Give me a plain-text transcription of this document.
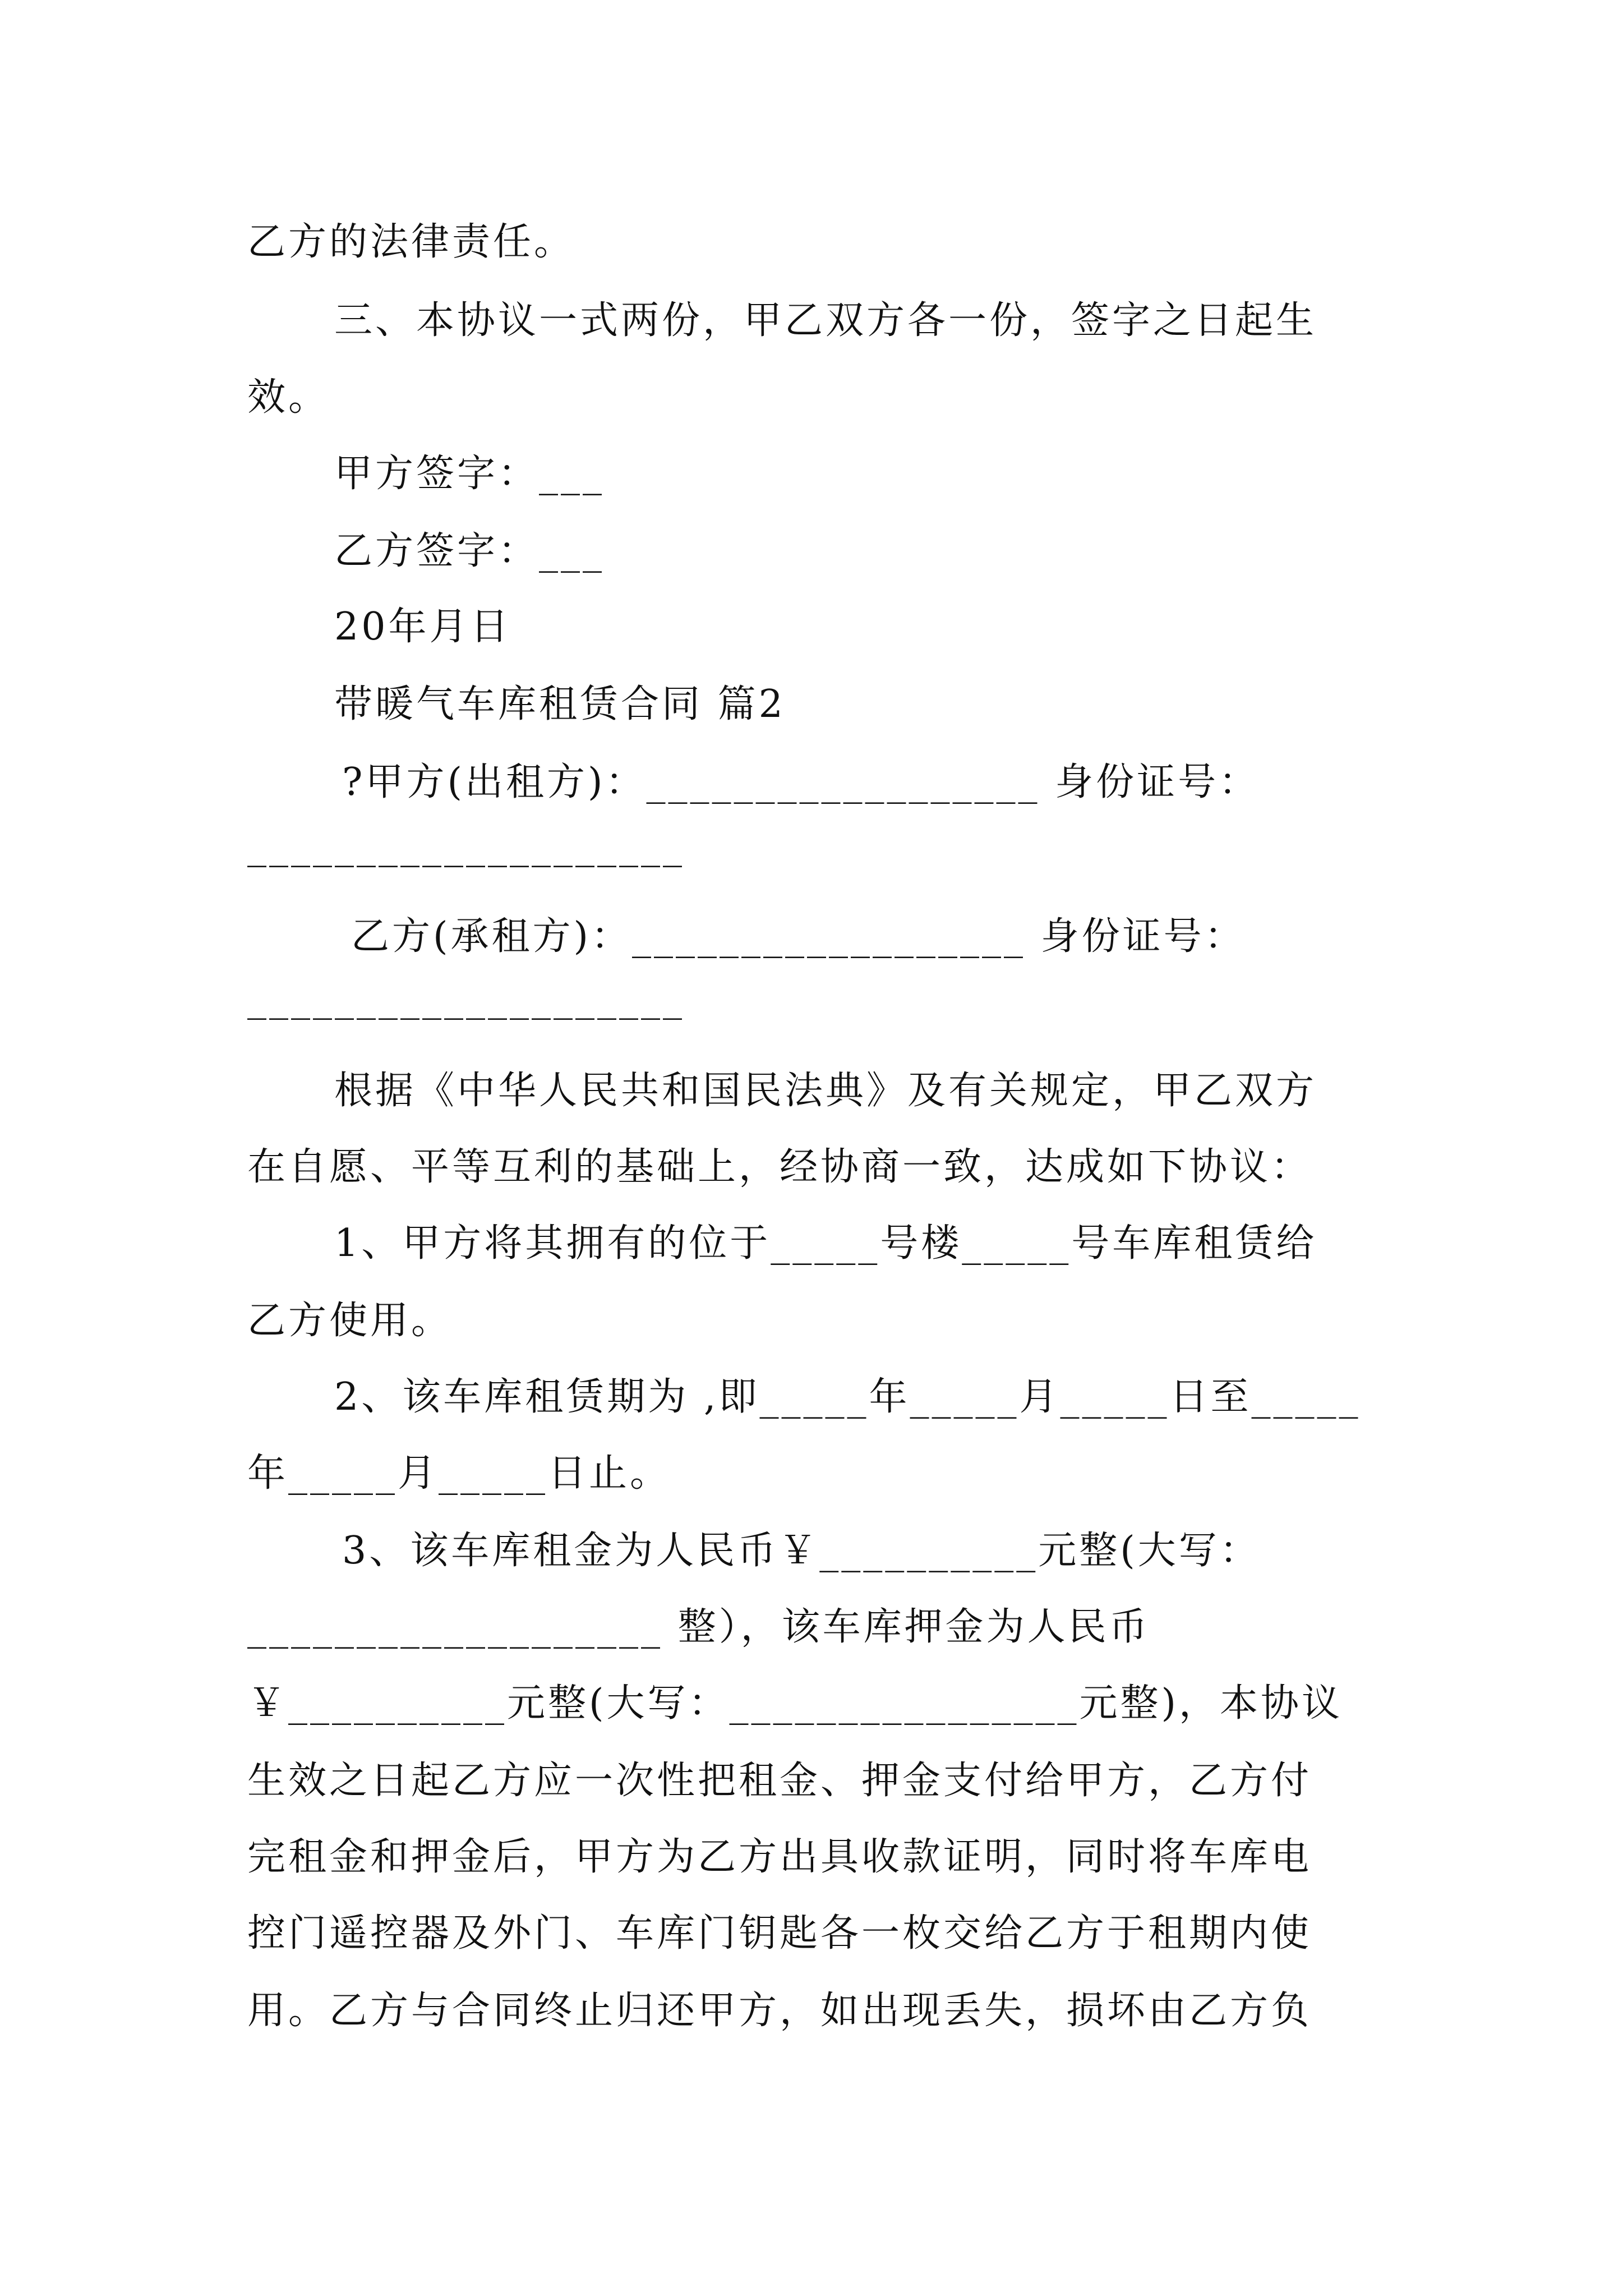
乙方的法律责任。
三、本协议一式两份，甲乙双方各一份，签字之日起生
效。
甲方签字：___
乙方签字：___
20年月日
带暖气车库租赁合同 篇2
?甲方(出租方)：__________________ 身份证号：
____________________
乙方(承租方)：__________________ 身份证号：
____________________
根据《中华人民共和国民法典》及有关规定，甲乙双方
在自愿、平等互利的基础上，经协商一致，达成如下协议：
1、甲方将其拥有的位于_____号楼_____号车库租赁给
乙方使用。
2、该车库租赁期为 ,即_____年_____月_____日至_____
年_____月_____日止。
3、该车库租金为人民币￥__________元整(大写：
___________________ 整），该车库押金为人民币
￥__________元整(大写：________________元整)，本协议
生效之日起乙方应一次性把租金、押金支付给甲方，乙方付
完租金和押金后，甲方为乙方出具收款证明，同时将车库电
控门遥控器及外门、车库门钥匙各一枚交给乙方于租期内使
用。乙方与合同终止归还甲方，如出现丢失，损坏由乙方负
